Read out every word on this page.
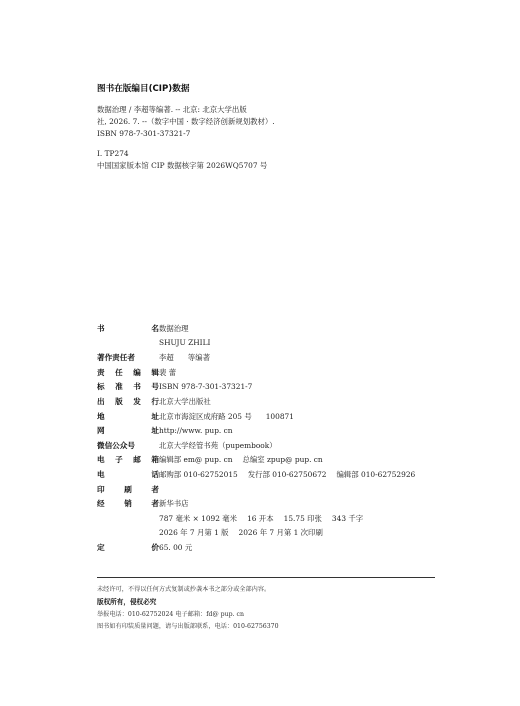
图书在版编目(CIP)数据
数据治理 / 李超等编著. -- 北京: 北京大学出版
社, 2026. 7. --（数字中国 · 数字经济创新规划教材）.
ISBN 978-7-301-37321-7
Ⅰ. TP274
中国国家版本馆 CIP 数据核字第 2026WQ5707 号
书	名 数据治理
SHUJU ZHILI
著作责任者	李超 等编著
责 任 编 辑 裴 蕾
标 准 书 号 ISBN 978-7-301-37321-7
出 版 发 行 北京大学出版社
地	址 北京市海淀区成府路 205 号 100871
网	址 http://www. pup. cn
微信公众号	北京大学经管书苑（pupembook）
电 子 邮 箱 编辑部 em@ pup. cn 总编室 zpup@ pup. cn
电	话 邮购部 010-62752015 发行部 010-62750672 编辑部 010-62752926
印	刷	者
经	销	者 新华书店
787 毫米 × 1092 毫米 16 开本 15.75 印张 343 千字
2026 年 7 月第 1 版 2026 年 7 月第 1 次印刷
定	价 65. 00 元
未经许可，不得以任何方式复制或抄袭本书之部分或全部内容。
版权所有，侵权必究
举报电话：010-62752024 电子邮箱：fd@ pup. cn
图书如有印装质量问题，请与出版部联系，电话：010-62756370
